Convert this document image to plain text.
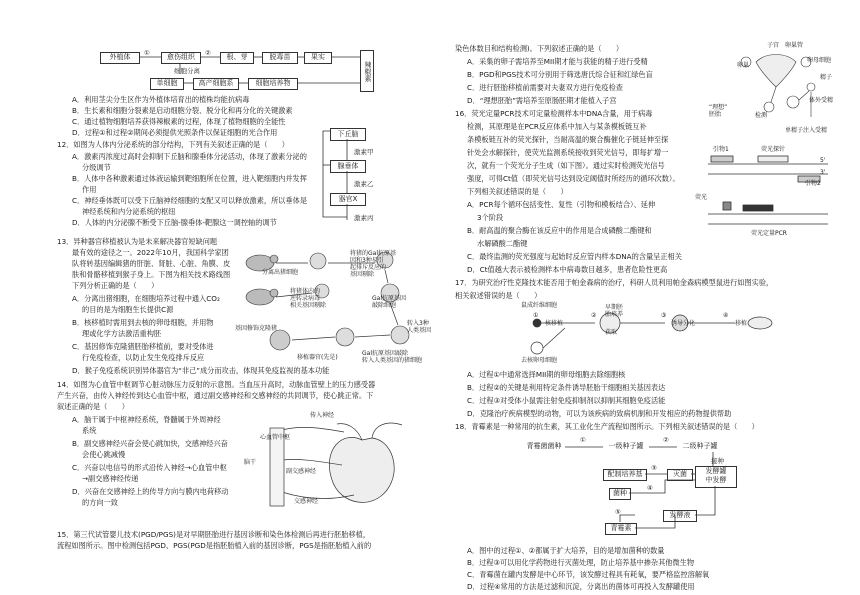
外植体	①	愈伤组织	②	根、芽	脱毒苗	果实
细胞分离
单细胞	高产细胞系	细胞培养物
辣椒素
A．利用茎尖分生区作为外植体培育出的植株均能抗病毒
B．生长素和细胞分裂素是启动细胞分裂、脱分化和再分化的关键激素
C．通过植物细胞培养获得辣椒素的过程，体现了植物细胞的全能性
D．过程①和过程②期间必须提供光照条件以保证细胞的光合作用
12．如图为人体内分泌系统的部分结构，下列有关叙述正确的是（　　）
A．激素丙浓度过高时会抑制下丘脑和腺垂体分泌活动，体现了激素分泌的
分级调节
B．人体中各种激素通过体液运输到靶细胞所在位置，进入靶细胞内并发挥
作用
C．神经垂体既可以受下丘脑神经细胞的支配又可以释放激素，所以垂体是
神经系统和内分泌系统的枢纽
D．人体的内分泌腺不断受下丘脑-腺垂体-靶腺这一调控轴的调节
下丘脑
激素甲
腺垂体
激素乙
器官X
激素丙
13．异种器官移植被认为是未来解决器官短缺问题
最有效的途径之一。2022年10月，我国科学家团
队将转基因编辑猪的肝脏、肾脏、心脏、角膜、皮
肤和骨骼移植到猴子身上。下图为相关技术路线图
下列分析正确的是（　　）
A．分离出猪细胞，在细胞培养过程中通入CO₂
的目的是为细胞生长提供C源
B．核移植时需用到去核的卵母细胞，并用物
理或化学方法激活重构胚
C．基因修饰克隆猪胚胎移植前，要对受体进
行免疫检查，以防止发生免疫排斥反应
D．猴子免疫系统识别异体器官为“非己”成分而攻击，体现其免疫监视的基本功能
分离出猪细胞
将猪的Gal抗原基
因和3种易引
起排斥反应的
基因剔除
将猪体内的
逆转录病毒
相关基因剔除
Gal抗原基因
敲除细胞
转入3种
人类基因
基因修饰克隆猪
移植器官(先是)
Gal抗原基因敲除
转入人类基因的猪细胞
14．如图为心血管中枢调节心脏动脉压力反射的示意图。当血压升高时，动脉血管壁上的压力感受器
产生兴奋，由传入神经传到达心血管中枢，通过副交感神经和交感神经的共同调节，使心跳正常。下
叙述正确的是（　　）
A．脑干属于中枢神经系统，脊髓属于外周神经
系统
B．副交感神经兴奋会使心跳加快，交感神经兴奋
会使心跳减慢
C．兴奋以电信号的形式沿传入神经→心血管中枢
→副交感神经传递
D．兴奋在交感神经上的传导方向与膜内电荷移动
的方向一致
传入神经
心血管中枢
脑干
副交感神经
交感神经
15．第三代试管婴儿技术(PGD/PGS)是对早期胚胎进行基因诊断和染色体检测后再进行胚胎移植，
流程如图所示。图中检测包括PGD、PGS(PGD是指胚胎植入前的基因诊断，PGS是指胚胎植入前的
染色体数目和结构检测)。下列叙述正确的是（　　）
A．采集的卵子需培养至MII期才能与获能的精子进行受精
B．PGD和PGS技术可分别用于筛选唐氏综合征和红绿色盲
C．进行胚胎移植前需要对夫妻双方进行免疫检查
D．“理想胚胎”需培养至原肠胚期才能植入子宫
子宫 卵巢管
卵巢
卵母细胞
“理想”
胚胎
精子
体外受精
检测
单精子注入受精
16．荧光定量PCR技术可定量检测样本中DNA含量，用于病毒
检测，其原理是在PCR反应体系中加入与某条模板链互补
条模板链互补的荧光探针，当耐高温的聚合酶催化子链延伸至探
针处会水解探针，使荧光监测系统接收到荧光信号，即每扩增一
次，就有一个荧光分子生成（如下图）。通过实时检测荧光信号
强度，可得Ct值（即荧光信号达到设定阈值时所经历的循环次数）。
下列相关叙述错误的是（　　）
A．PCR每个循环包括变性、复性（引物和模板结合）、延伸
3个阶段
B．耐高温的聚合酶在该反应中的作用是合成磷酸二酯键和
水解磷酸二酯键
C．最终监测的荧光强度与起始时反应管内样本DNA的含量呈正相关
D．Ct值越大表示被检测样本中病毒数目越多，患者危险性更高
引物1	荧光探针
引物2
荧光
荧光定量PCR
5'
3'
17．为研究治疗性克隆技术能否用于帕金森病的治疗，科研人员利用帕金森病模型鼠进行如图实验，
相关叙述错误的是（　　）
鼠成纤维细胞
①
核移植
②
早期胚
胎培养
获取
③
诱导分化
④
移植
去核卵母细胞
A．过程①中通常选择MII期的卵母细胞去除细胞核
B．过程②的关键是利用特定条件诱导胚胎干细胞相关基因表达
C．过程③对受体小鼠需注射免疫抑制剂以抑制其细胞免疫活能
D．克隆治疗疾病模型的动物，可以为该疾病的致病机制和开发相应的药物提供帮助
18．青霉素是一种常用的抗生素，其工业化生产流程如图所示。下列相关叙述错误的是（　　）
青霉菌菌种
①
一级种子罐
②
二级种子罐
接种
配制培养基
③
灭菌	发酵罐
中发酵
菌种
④
发酵液
⑤
青霉素
A．图中的过程①、②都属于扩大培养，目的是增加菌种的数量
B．过程③可以用化学药物进行灭菌处理，防止培养基中掺杂其他微生物
C．青霉菌在罐内发酵是中心环节，该发酵过程具有耗氧，要严格监控溶解氧
D．过程④常用的方法是过滤和沉淀，分离出的菌体可再投入发酵罐使用
